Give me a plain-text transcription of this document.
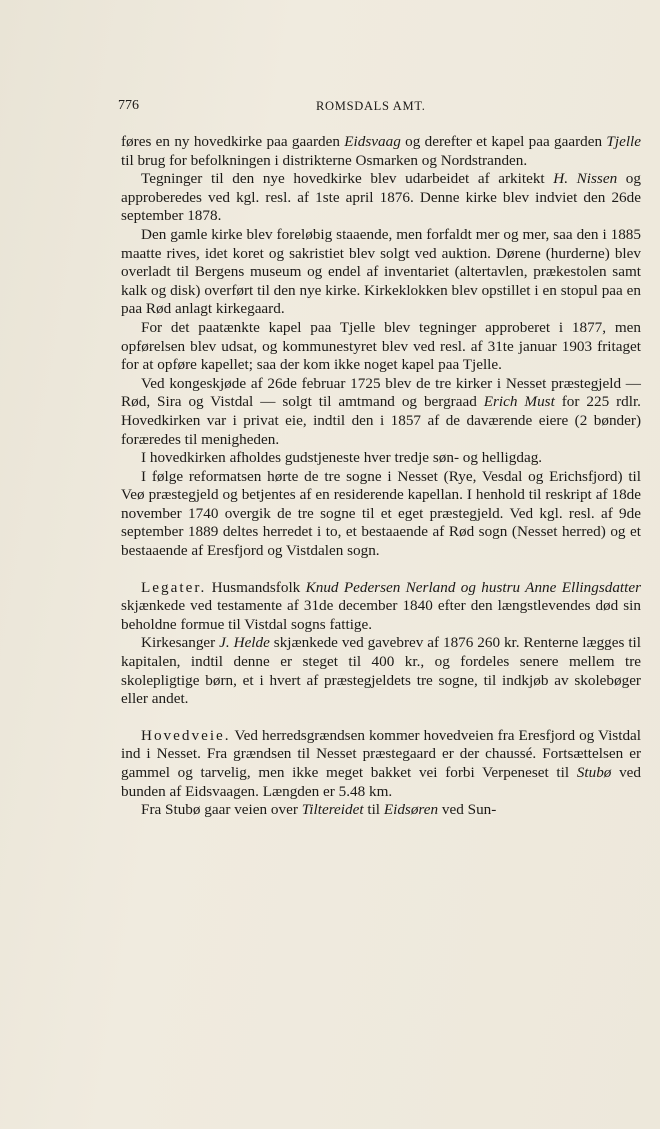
776	ROMSDALS AMT.

føres en ny hovedkirke paa gaarden Eidsvaag og derefter et kapel paa gaarden Tjelle til brug for befolkningen i distrikterne Osmarken og Nordstranden.

Tegninger til den nye hovedkirke blev udarbeidet af arkitekt H. Nissen og approberedes ved kgl. resl. af 1ste april 1876. Denne kirke blev indviet den 26de september 1878.

Den gamle kirke blev foreløbig staaende, men forfaldt mer og mer, saa den i 1885 maatte rives, idet koret og sakristiet blev solgt ved auktion. Dørene (hurderne) blev overladt til Bergens museum og endel af inventariet (altertavlen, prækestolen samt kalk og disk) overført til den nye kirke. Kirkeklokken blev opstillet i en stopul paa en paa Rød anlagt kirkegaard.

For det paatænkte kapel paa Tjelle blev tegninger approberet i 1877, men opførelsen blev udsat, og kommunestyret blev ved resl. af 31te januar 1903 fritaget for at opføre kapellet; saa der kom ikke noget kapel paa Tjelle.

Ved kongeskjøde af 26de februar 1725 blev de tre kirker i Nesset præstegjeld — Rød, Sira og Vistdal — solgt til amtmand og bergraad Erich Must for 225 rdlr. Hovedkirken var i privat eie, indtil den i 1857 af de daværende eiere (2 bønder) foræredes til menigheden.

I hovedkirken afholdes gudstjeneste hver tredje søn- og helligdag.

I følge reformatsen hørte de tre sogne i Nesset (Rye, Vesdal og Erichsfjord) til Veø præstegjeld og betjentes af en residerende kapellan. I henhold til reskript af 18de november 1740 overgik de tre sogne til et eget præstegjeld. Ved kgl. resl. af 9de september 1889 deltes herredet i to, et bestaaende af Rød sogn (Nesset herred) og et bestaaende af Eresfjord og Vistdalen sogn.

Legater. Husmandsfolk Knud Pedersen Nerland og hustru Anne Ellingsdatter skjænkede ved testamente af 31de december 1840 efter den længstlevendes død sin beholdne formue til Vistdal sogns fattige.

Kirkesanger J. Helde skjænkede ved gavebrev af 1876 260 kr. Renterne lægges til kapitalen, indtil denne er steget til 400 kr., og fordeles senere mellem tre skolepligtige børn, et i hvert af præstegjeldets tre sogne, til indkjøb av skolebøger eller andet.

Hovedveie. Ved herredsgrændsen kommer hovedveien fra Eresfjord og Vistdal ind i Nesset. Fra grændsen til Nesset præstegaard er der chaussé. Fortsættelsen er gammel og tarvelig, men ikke meget bakket vei forbi Verpeneset til Stubø ved bunden af Eidsvaagen. Længden er 5.48 km.

Fra Stubø gaar veien over Tiltereidet til Eidsøren ved Sun-
